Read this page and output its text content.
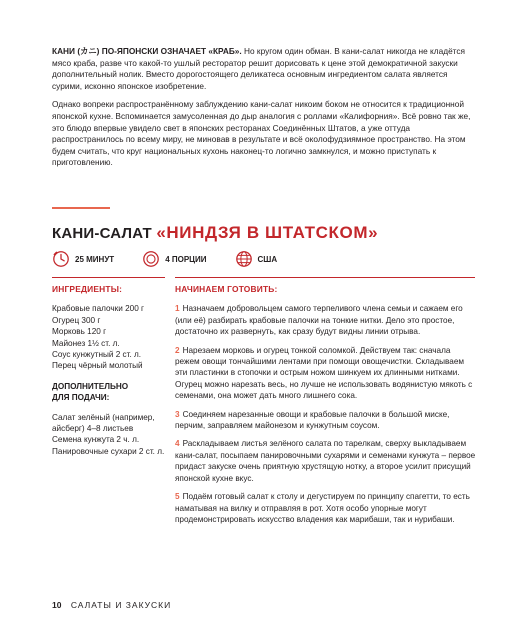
КАНИ (カニ) ПО-ЯПОНСКИ ОЗНАЧАЕТ «КРАБ». Но кругом один обман. В кани-салат никогда не кладётся мясо краба, разве что какой-то ушлый ресторатор решит дорисовать к цене этой демократичной закуски дополнительный нолик. Вместо дорогостоящего деликатеса основным ингредиентом салата является сурими, исконно японское изобретение.

Однако вопреки распространённому заблуждению кани-салат никоим боком не относится к традиционной японской кухне. Вспоминается замусоленная до дыр аналогия с роллами «Калифорния». Всё ровно так же, это блюдо впервые увидело свет в японских ресторанах Соединённых Штатов, а уже оттуда распространилось по всему миру, не миновав в результате и всё околофудзиямное пространство. На этом будем считать, что круг национальных кухонь наконец-то логично замкнулся, и можно приступать к приготовлению.

КАНИ-САЛАТ «НИНДЗЯ В ШТАТСКОМ»
25 МИНУТ	4 ПОРЦИИ	США
ИНГРЕДИЕНТЫ:
Крабовые палочки 200 г
Огурец 300 г
Морковь 120 г
Майонез 1½ ст. л.
Соус кунжутный 2 ст. л.
Перец чёрный молотый
ДОПОЛНИТЕЛЬНО
ДЛЯ ПОДАЧИ:
Салат зелёный (например, айсберг) 4–8 листьев
Семена кунжута 2 ч. л.
Панировочные сухари 2 ст. л.
НАЧИНАЕМ ГОТОВИТЬ:

1 Назначаем добровольцем самого терпеливого члена семьи и сажаем его (или её) разбирать крабовые палочки на тонкие нитки. Дело это простое, достаточно их развернуть, как сразу будут видны линии отрыва.

2 Нарезаем морковь и огурец тонкой соломкой. Действуем так: сначала режем овощи тончайшими лентами при помощи овощечистки. Складываем эти пластинки в стопочки и острым ножом шинкуем их длинными нитками. Огурец можно нарезать весь, но лучше не использовать водянистую мякоть с семенами, она может дать много лишнего сока.

3 Соединяем нарезанные овощи и крабовые палочки в большой миске, перчим, заправляем майонезом и кунжутным соусом.

4 Раскладываем листья зелёного салата по тарелкам, сверху выкладываем кани-салат, посыпаем панировочными сухарями и семенами кунжута – первое придаст закуске очень приятную хрустящую нотку, а второе усилит присущий японской кухне вкус.

5 Подаём готовый салат к столу и дегустируем по принципу спагетти, то есть наматывая на вилку и отправляя в рот. Хотя особо упорные могут продемонстрировать искусство владения как марибаши, так и нурибаши.

10 САЛАТЫ И ЗАКУСКИ
